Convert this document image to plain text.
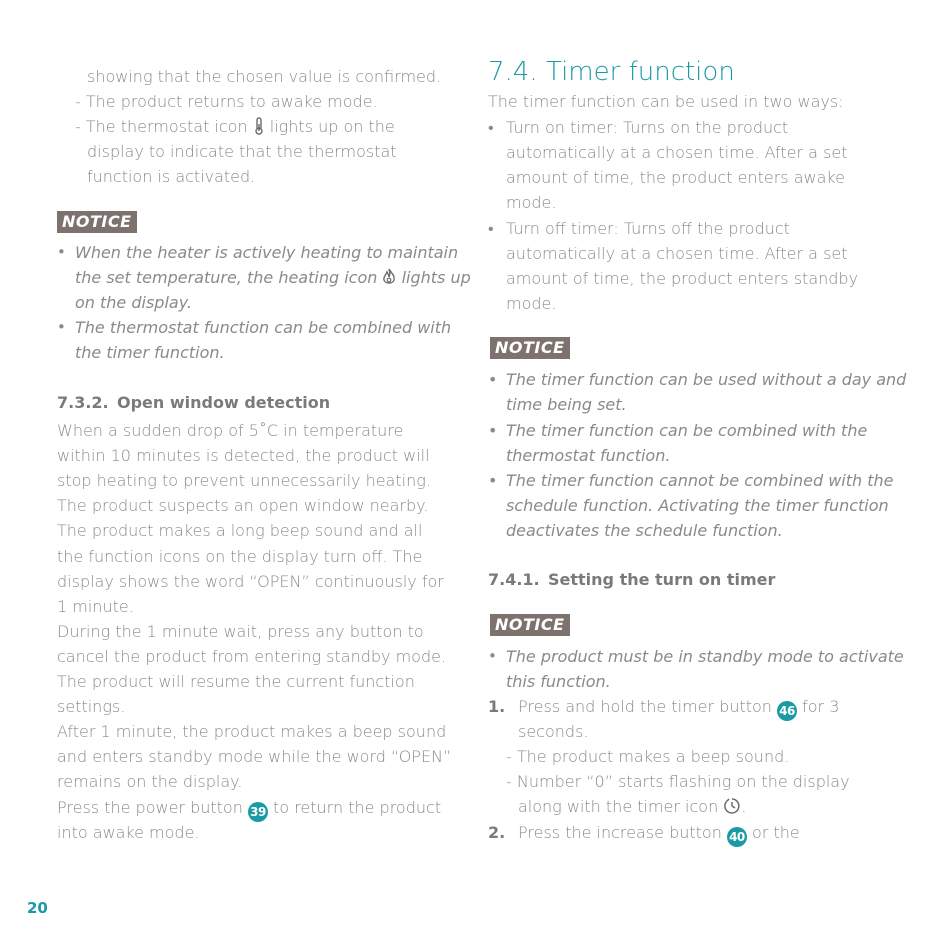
showing that the chosen value is confirmed.
- The product returns to awake mode.
- The thermostat icon lights up on the
display to indicate that the thermostat
function is activated.
NOTICE
• When the heater is actively heating to maintain
the set temperature, the heating icon lights up
on the display.
• The thermostat function can be combined with
the timer function.
7.3.2. Open window detection
When a sudden drop of 5˚C in temperature
within 10 minutes is detected, the product will
stop heating to prevent unnecessarily heating.
The product suspects an open window nearby.
The product makes a long beep sound and all
the function icons on the display turn off. The
display shows the word “OPEN” continuously for
1 minute.
During the 1 minute wait, press any button to
cancel the product from entering standby mode.
The product will resume the current function
settings.
After 1 minute, the product makes a beep sound
and enters standby mode while the word “OPEN”
remains on the display.
Press the power button 39 to return the product
into awake mode.
7.4. Timer function
The timer function can be used in two ways:
• Turn on timer: Turns on the product
automatically at a chosen time. After a set
amount of time, the product enters awake
mode.
• Turn off timer: Turns off the product
automatically at a chosen time. After a set
amount of time, the product enters standby
mode.
NOTICE
• The timer function can be used without a day and
time being set.
• The timer function can be combined with the
thermostat function.
• The timer function cannot be combined with the
schedule function. Activating the timer function
deactivates the schedule function.
7.4.1. Setting the turn on timer
NOTICE
• The product must be in standby mode to activate
this function.
1. Press and hold the timer button 46 for 3
seconds.
- The product makes a beep sound.
- Number “0” starts flashing on the display
along with the timer icon .
2. Press the increase button 40 or the
20
